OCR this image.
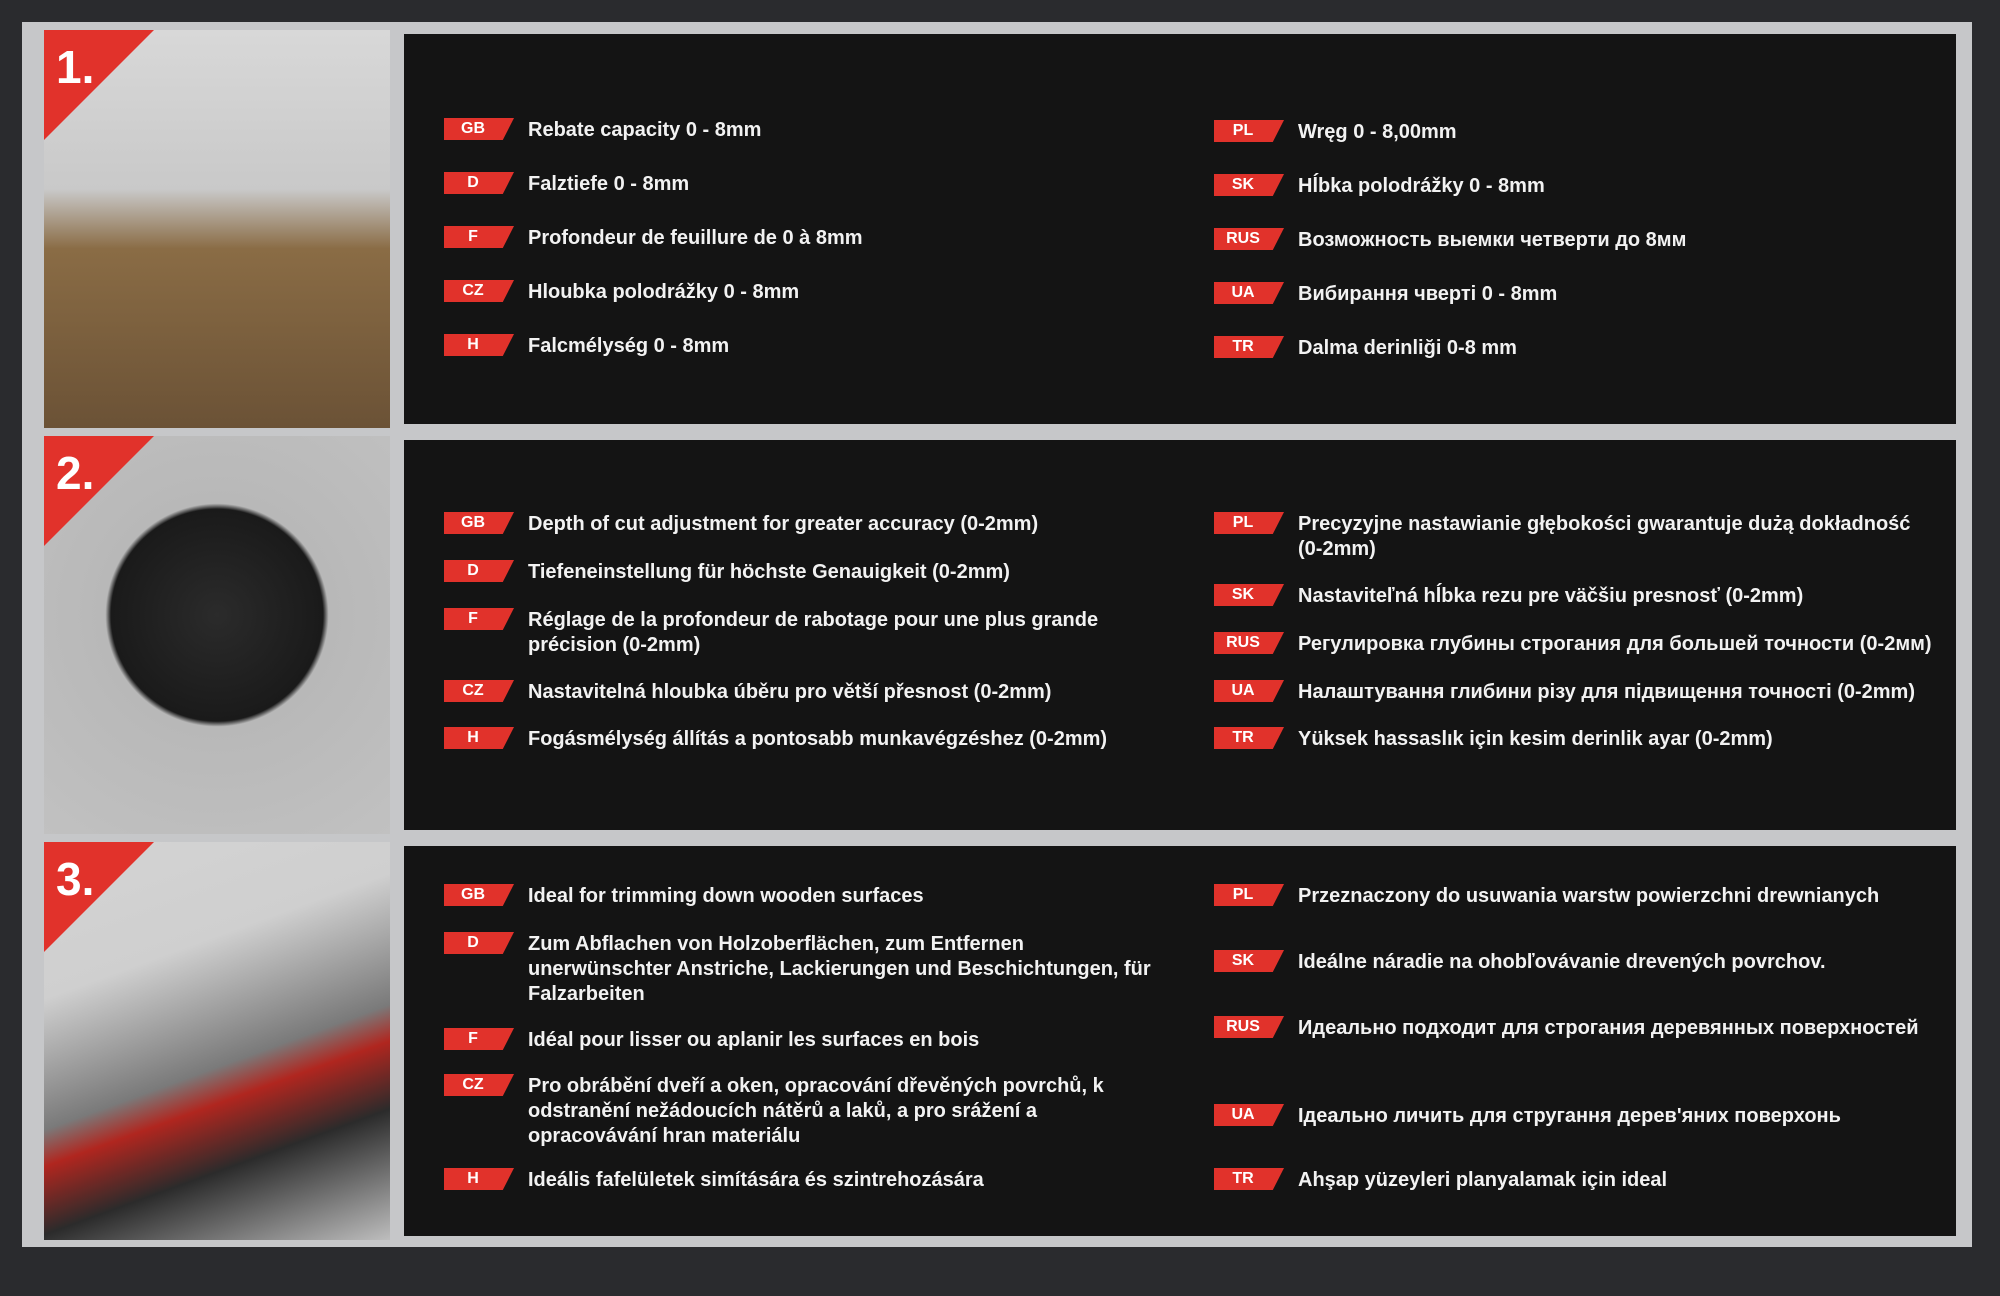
1.
GB	Rebate capacity 0 - 8mm
D	Falztiefe 0 - 8mm
F	Profondeur de feuillure de 0 à 8mm
CZ	Hloubka polodrážky 0 - 8mm
H	Falcmélység 0 - 8mm
PL	Wręg 0 - 8,00mm
SK	Hĺbka polodrážky 0 - 8mm
RUS	Возможность выемки четверти до 8мм
UA	Вибирання чверті 0 - 8mm
TR	Dalma derinliği 0-8 mm
2.
GB	Depth of cut adjustment for greater accuracy (0-2mm)
D	Tiefeneinstellung für höchste Genauigkeit (0-2mm)
F	Réglage de la profondeur de rabotage pour une plus grande précision (0-2mm)
CZ	Nastavitelná hloubka úběru pro větší přesnost (0-2mm)
H	Fogásmélység állítás a pontosabb munkavégzéshez (0-2mm)
PL	Precyzyjne nastawianie głębokości gwarantuje dużą dokładność (0-2mm)
SK	Nastaviteľná hĺbka rezu pre väčšiu presnosť (0-2mm)
RUS	Регулировка глубины строгания для большей точности (0-2мм)
UA	Налаштування глибини різу для підвищення точності (0-2mm)
TR	Yüksek hassaslık için kesim derinlik ayar (0-2mm)
3.	GB	Ideal for trimming down wooden surfaces
D	Zum Abflachen von Holzoberflächen, zum Entfernen unerwünschter Anstriche, Lackierungen und Beschichtungen, für Falzarbeiten
F	Idéal pour lisser ou aplanir les surfaces en bois
CZ	Pro obrábění dveří a oken, opracování dřevěných povrchů, k odstranění nežádoucích nátěrů a laků, a pro srážení a opracovávání hran materiálu
H	Ideális fafelületek simítására és szintrehozására
PL	Przeznaczony do usuwania warstw powierzchni drewnianych
SK	Ideálne náradie na ohobľovávanie drevených povrchov.
RUS	Идеально подходит для строгания деревянных поверхностей
UA	Ідеально личить для стругання дерев'яних поверхонь
TR	Ahşap yüzeyleri planyalamak için ideal
